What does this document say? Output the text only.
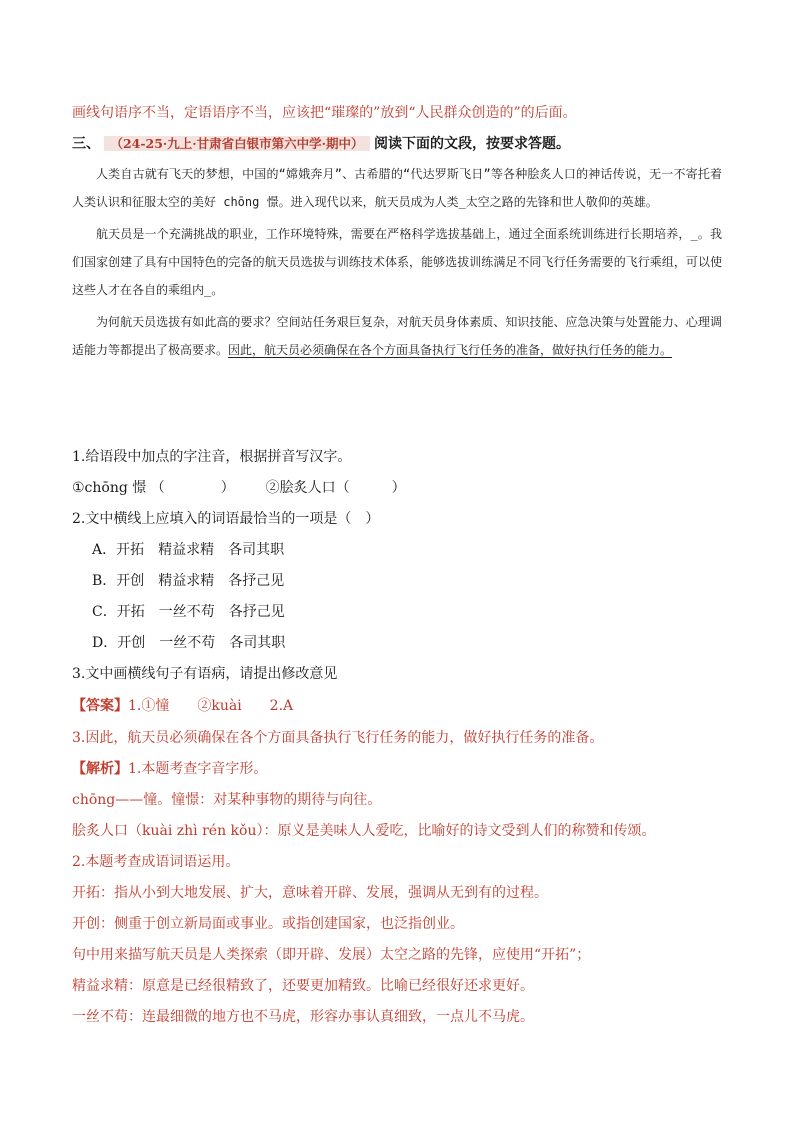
画线句语序不当，定语语序不当，应该把“璀璨的”放到“人民群众创造的”的后面。
三、 （24-25·九上·甘肃省白银市第六中学·期中） 阅读下面的文段，按要求答题。

人类自古就有飞天的梦想，中国的“嫦娥奔月”、古希腊的“代达罗斯飞日”等各种脍炙人口的神话传说，无一不寄托着人类认识和征服太空的美好 chōng 憬。进入现代以来，航天员成为人类_太空之路的先锋和世人敬仰的英雄。

航天员是一个充满挑战的职业，工作环境特殊，需要在严格科学选拔基础上，通过全面系统训练进行长期培养，_。我们国家创建了具有中国特色的完备的航天员选拔与训练技术体系，能够选拔训练满足不同飞行任务需要的飞行乘组，可以使这些人才在各自的乘组内_。

为何航天员选拔有如此高的要求？空间站任务艰巨复杂，对航天员身体素质、知识技能、应急决策与处置能力、心理调适能力等都提出了极高要求。因此，航天员必须确保在各个方面具备执行飞行任务的准备，做好执行任务的能力。

1.给语段中加点的字注音，根据拼音写汉字。
①chōng 憬 （　　　　） ②脍炙人口（　　　）
2.文中横线上应填入的词语最恰当的一项是（　）
A．开拓 精益求精 各司其职
B．开创 精益求精 各抒己见
C．开拓 一丝不苟 各抒己见
D．开创 一丝不苟 各司其职
3.文中画横线句子有语病，请提出修改意见
【答案】1.①憧　　②kuài　　2.A
3.因此，航天员必须确保在各个方面具备执行飞行任务的能力，做好执行任务的准备。
【解析】1.本题考查字音字形。
chōng——憧。憧憬：对某种事物的期待与向往。
脍炙人口（kuài zhì rén kǒu）：原义是美味人人爱吃，比喻好的诗文受到人们的称赞和传颂。
2.本题考查成语词语运用。
开拓：指从小到大地发展、扩大，意味着开辟、发展，强调从无到有的过程。
开创：侧重于创立新局面或事业。或指创建国家，也泛指创业。
句中用来描写航天员是人类探索（即开辟、发展）太空之路的先锋，应使用“开拓”；
精益求精：原意是已经很精致了，还要更加精致。比喻已经很好还求更好。
一丝不苟：连最细微的地方也不马虎，形容办事认真细致，一点儿不马虎。
